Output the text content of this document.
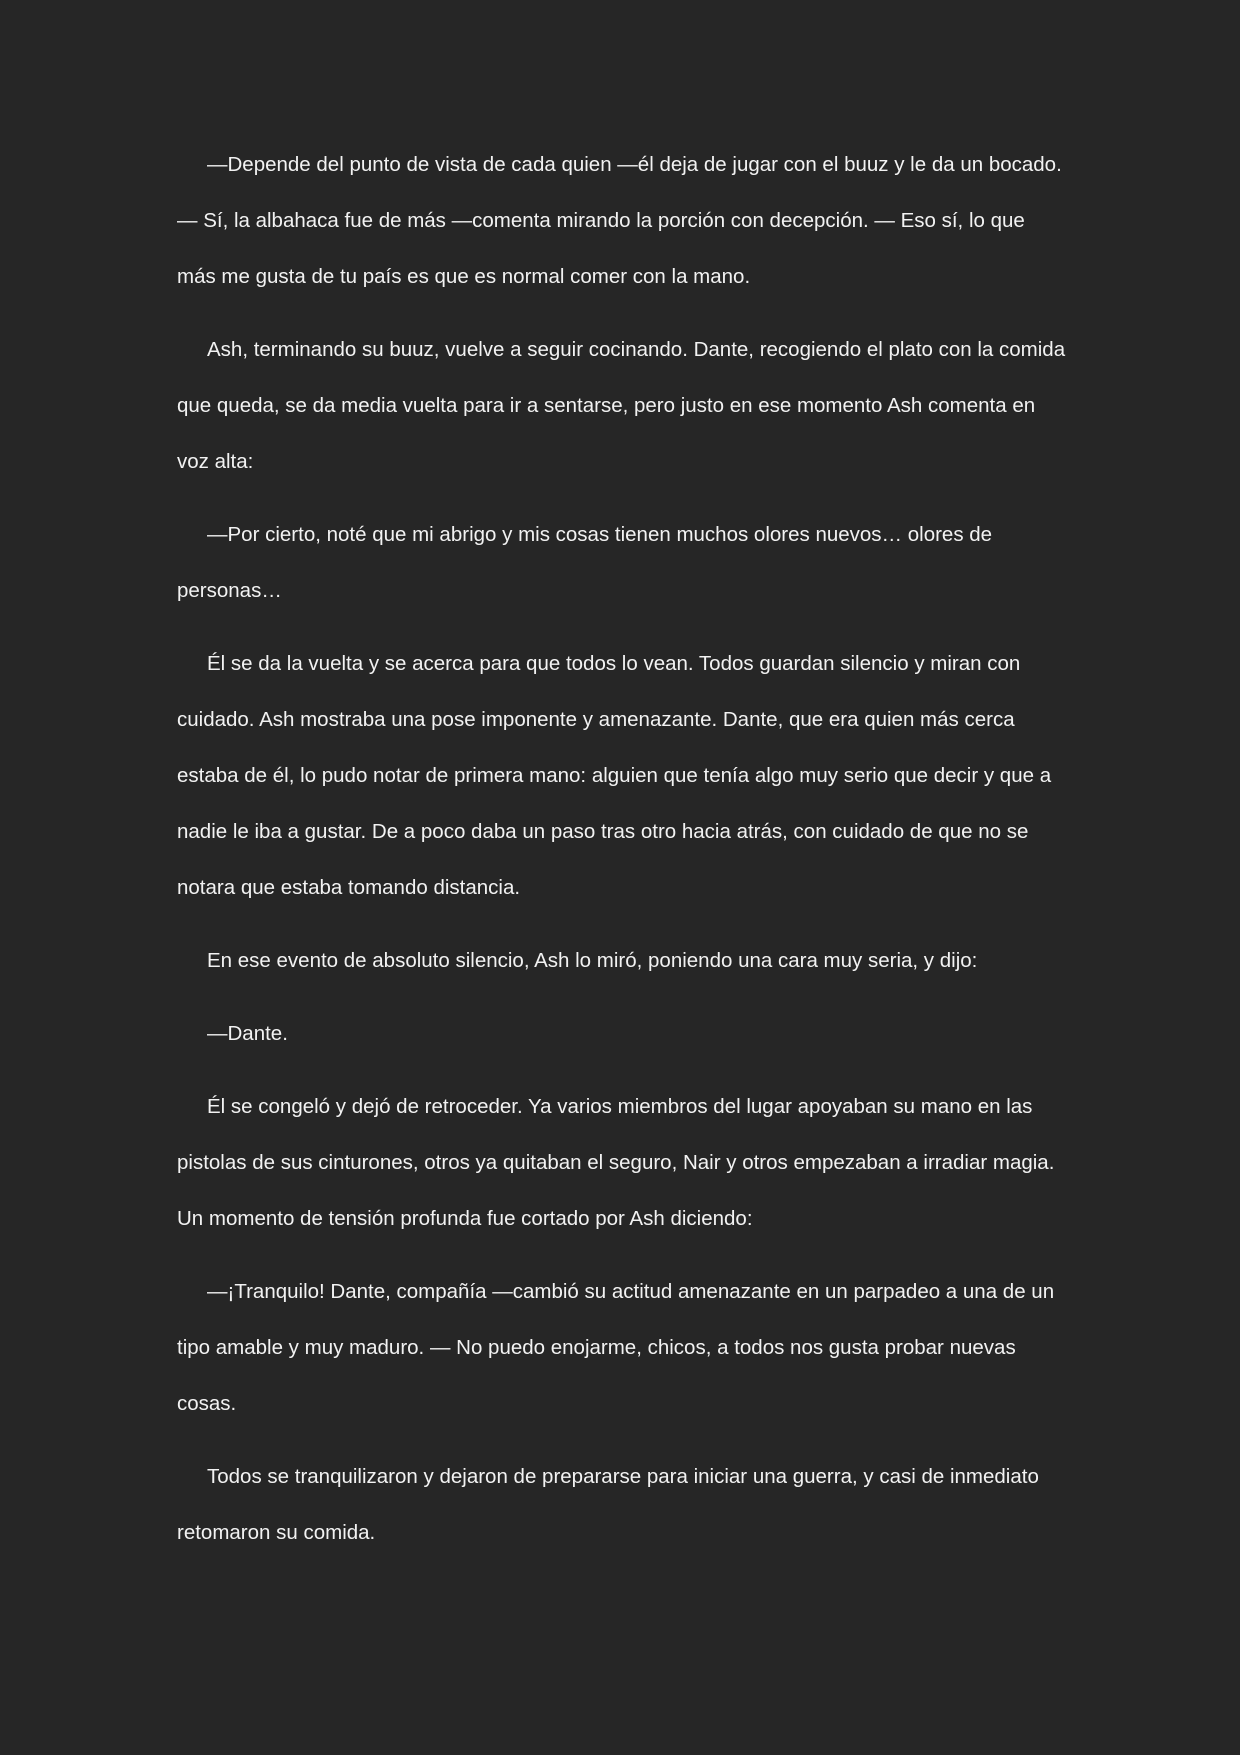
—Depende del punto de vista de cada quien —él deja de jugar con el buuz y le da un bocado. — Sí, la albahaca fue de más —comenta mirando la porción con decepción. — Eso sí, lo que más me gusta de tu país es que es normal comer con la mano.

Ash, terminando su buuz, vuelve a seguir cocinando. Dante, recogiendo el plato con la comida que queda, se da media vuelta para ir a sentarse, pero justo en ese momento Ash comenta en voz alta:

—Por cierto, noté que mi abrigo y mis cosas tienen muchos olores nuevos… olores de personas…

Él se da la vuelta y se acerca para que todos lo vean. Todos guardan silencio y miran con cuidado. Ash mostraba una pose imponente y amenazante. Dante, que era quien más cerca estaba de él, lo pudo notar de primera mano: alguien que tenía algo muy serio que decir y que a nadie le iba a gustar. De a poco daba un paso tras otro hacia atrás, con cuidado de que no se notara que estaba tomando distancia.

En ese evento de absoluto silencio, Ash lo miró, poniendo una cara muy seria, y dijo:

—Dante.

Él se congeló y dejó de retroceder. Ya varios miembros del lugar apoyaban su mano en las pistolas de sus cinturones, otros ya quitaban el seguro, Nair y otros empezaban a irradiar magia. Un momento de tensión profunda fue cortado por Ash diciendo:

—¡Tranquilo! Dante, compañía —cambió su actitud amenazante en un parpadeo a una de un tipo amable y muy maduro. — No puedo enojarme, chicos, a todos nos gusta probar nuevas cosas.

Todos se tranquilizaron y dejaron de prepararse para iniciar una guerra, y casi de inmediato retomaron su comida.
